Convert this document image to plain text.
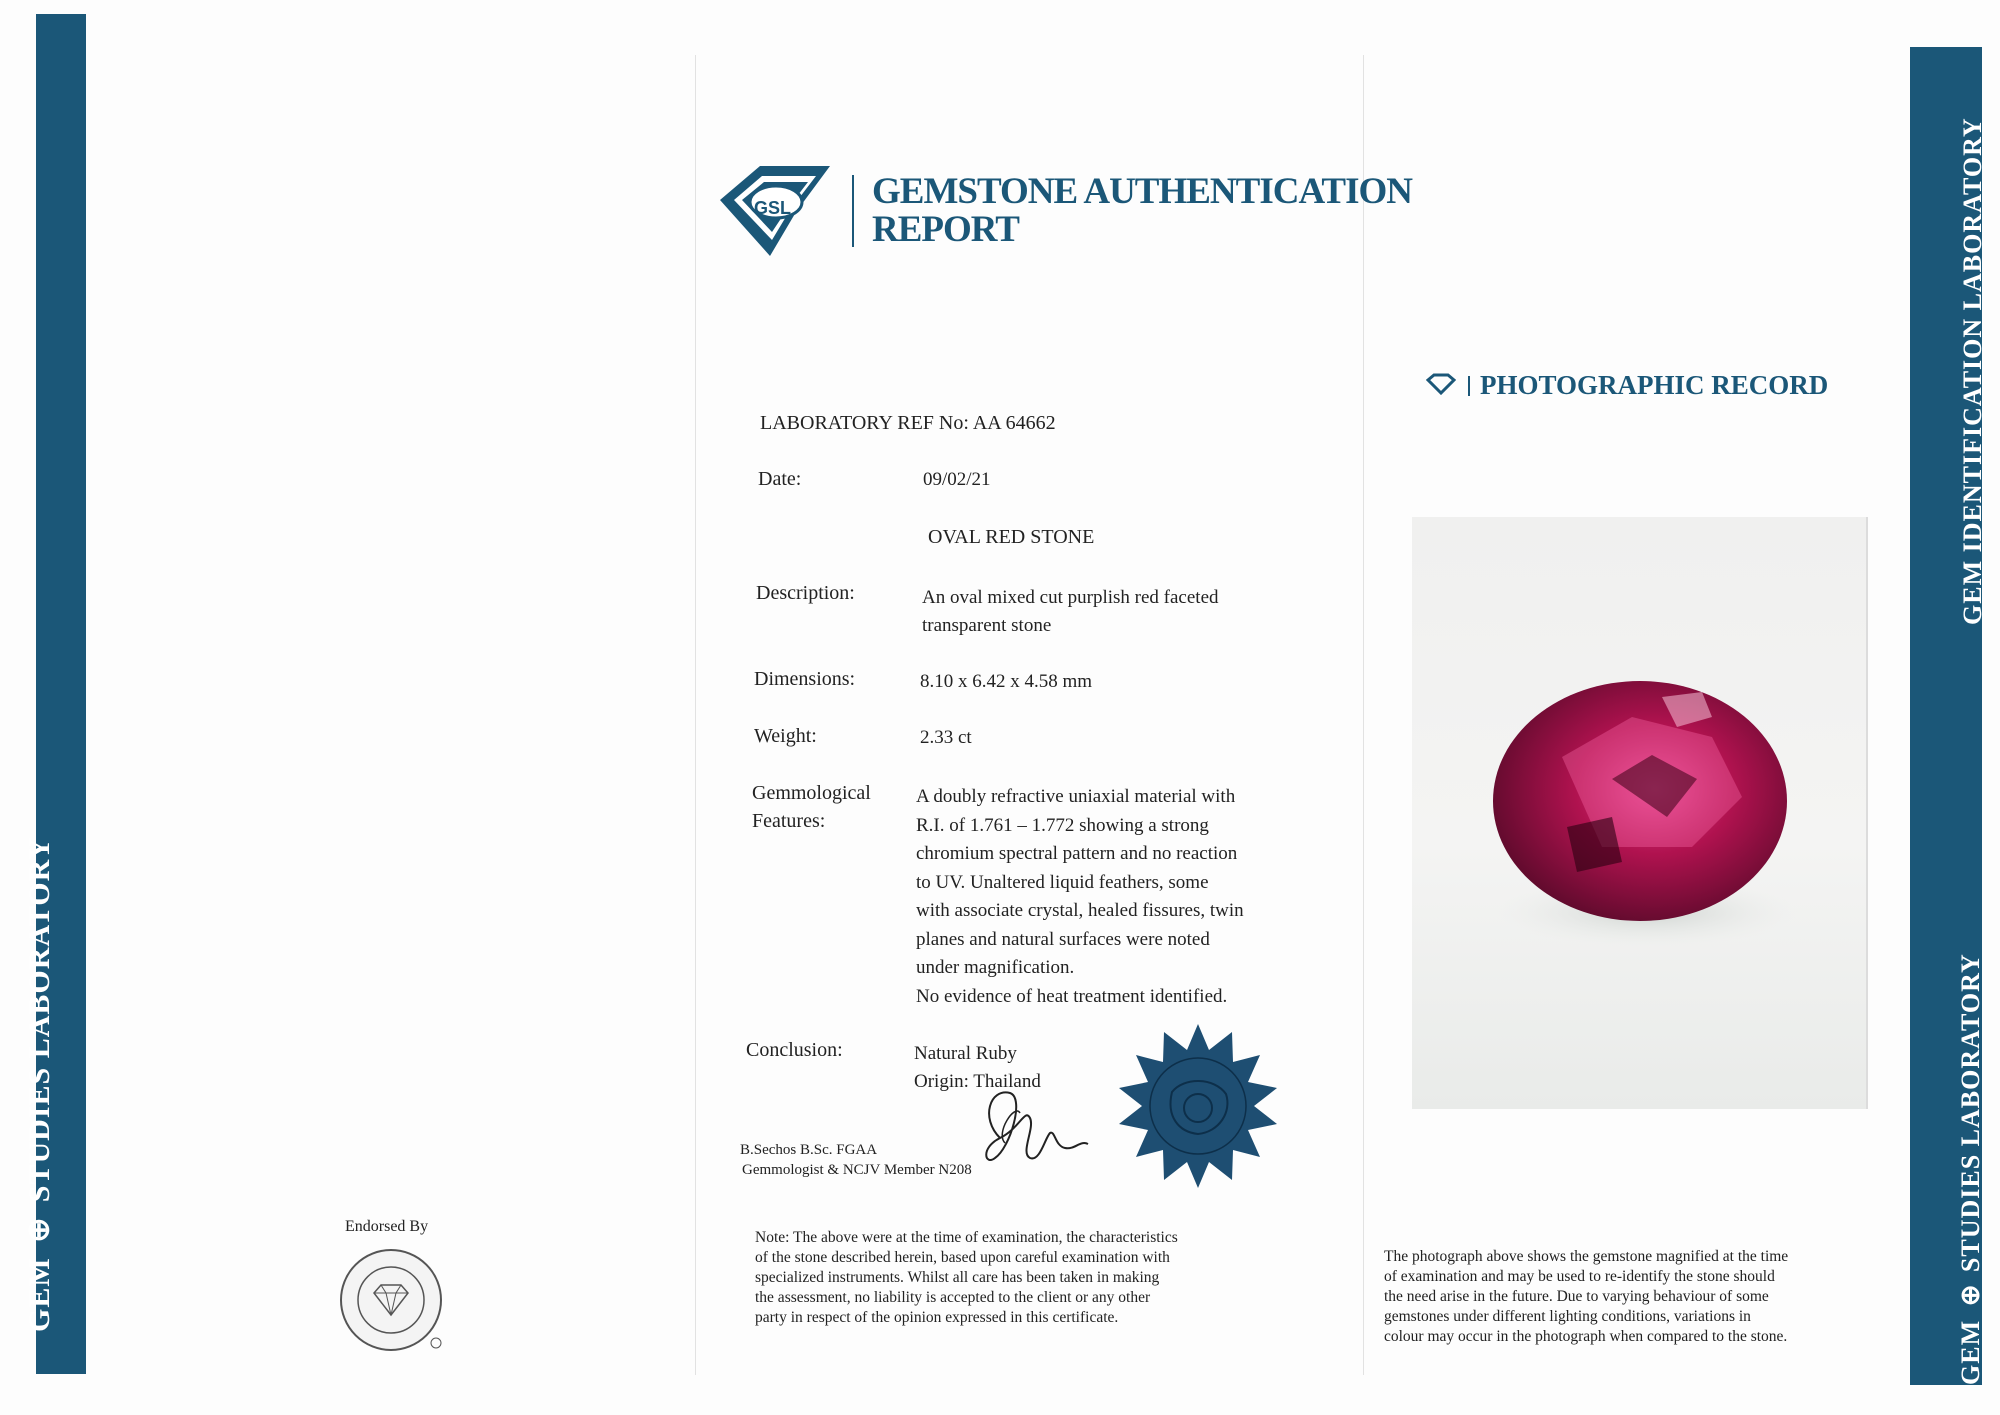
GEM ⊕ STUDIES LABORATORY
GEM IDENTIFICATION LABORATORY
GEM ⊕ STUDIES LABORATORY
Endorsed By
GSL GEMSTONE AUTHENTICATION
REPORT
LABORATORY REF No: AA 64662
Date:	09/02/21
OVAL RED STONE
Description:	An oval mixed cut purplish red faceted
transparent stone
Dimensions:	8.10 x 6.42 x 4.58 mm
Weight:	2.33 ct
Gemmological
Features:
A doubly refractive uniaxial material with
R.I. of 1.761 – 1.772 showing a strong
chromium spectral pattern and no reaction
to UV. Unaltered liquid feathers, some
with associate crystal, healed fissures, twin
planes and natural surfaces were noted
under magnification.
No evidence of heat treatment identified.
Conclusion:	Natural Ruby
Origin: Thailand
B.Sechos B.Sc. FGAA
Gemmologist & NCJV Member N208
Note: The above were at the time of examination, the characteristics
of the stone described herein, based upon careful examination with
specialized instruments. Whilst all care has been taken in making
the assessment, no liability is accepted to the client or any other
party in respect of the opinion expressed in this certificate.
PHOTOGRAPHIC RECORD
The photograph above shows the gemstone magnified at the time
of examination and may be used to re-identify the stone should
the need arise in the future. Due to varying behaviour of some
gemstones under different lighting conditions, variations in
colour may occur in the photograph when compared to the stone.
